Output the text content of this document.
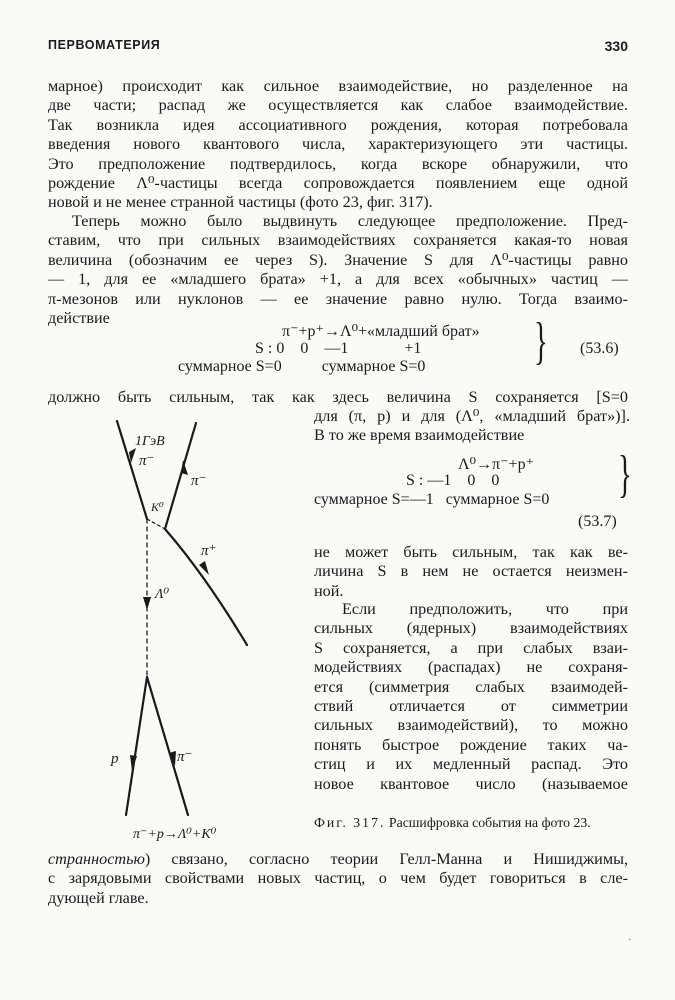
ПЕРВОМАТЕРИЯ	330
марное) происходит как сильное взаимодействие, но разделенное на
две части; распад же осуществляется как слабое взаимодействие.
Так возникла идея ассоциативного рождения, которая потребовала
введения нового квантового числа, характеризующего эти частицы.
Это предположение подтвердилось, когда вскоре обнаружили, что
рождение Λ⁰-частицы всегда сопровождается появлением еще одной
новой и не менее странной частицы (фото 23, фиг. 317).
Теперь можно было выдвинуть следующее предположение. Пред-
ставим, что при сильных взаимодействиях сохраняется какая-то новая
величина (обозначим ее через S). Значение S для Λ⁰-частицы равно
— 1, для ее «младшего брата» +1, а для всех «обычных» частиц —
π-мезонов или нуклонов — ее значение равно нулю. Тогда взаимо-
действие
π⁻+p⁺→Λ⁰+«младший брат»
S : 0    0    —1              +1
суммарное S=0          суммарное S=0 } (53.6)
должно быть сильным, так как здесь величина S сохраняется [S=0
для (π, p) и для (Λ⁰, «младший брат»)].
В то же время взаимодействие
Λ⁰→π⁻+p⁺
S : —1    0    0
суммарное S=—1   суммарное S=0 }
(53.7)
не может быть сильным, так как ве-
личина S в нем не остается неизмен-
ной.
Если предположить, что при
сильных (ядерных) взаимодействиях
S сохраняется, а при слабых взаи-
модействиях (распадах) не сохраня-
ется (симметрия слабых взаимодей-
ствий отличается от симметрии
сильных взаимодействий), то можно
понять быстрое рождение таких ча-
стиц и их медленный распад. Это
новое квантовое число (называемое
Фиг. 317. Расшифровка события на фото 23.
1ГэВ
π⁻
π⁻
K⁰
π⁺
Λ⁰
p	π⁻
π⁻+p→Λ⁰+K⁰
странностью) связано, согласно теории Гелл-Манна и Нишиджимы,
с зарядовыми свойствами новых частиц, о чем будет говориться в сле-
дующей главе.
·
